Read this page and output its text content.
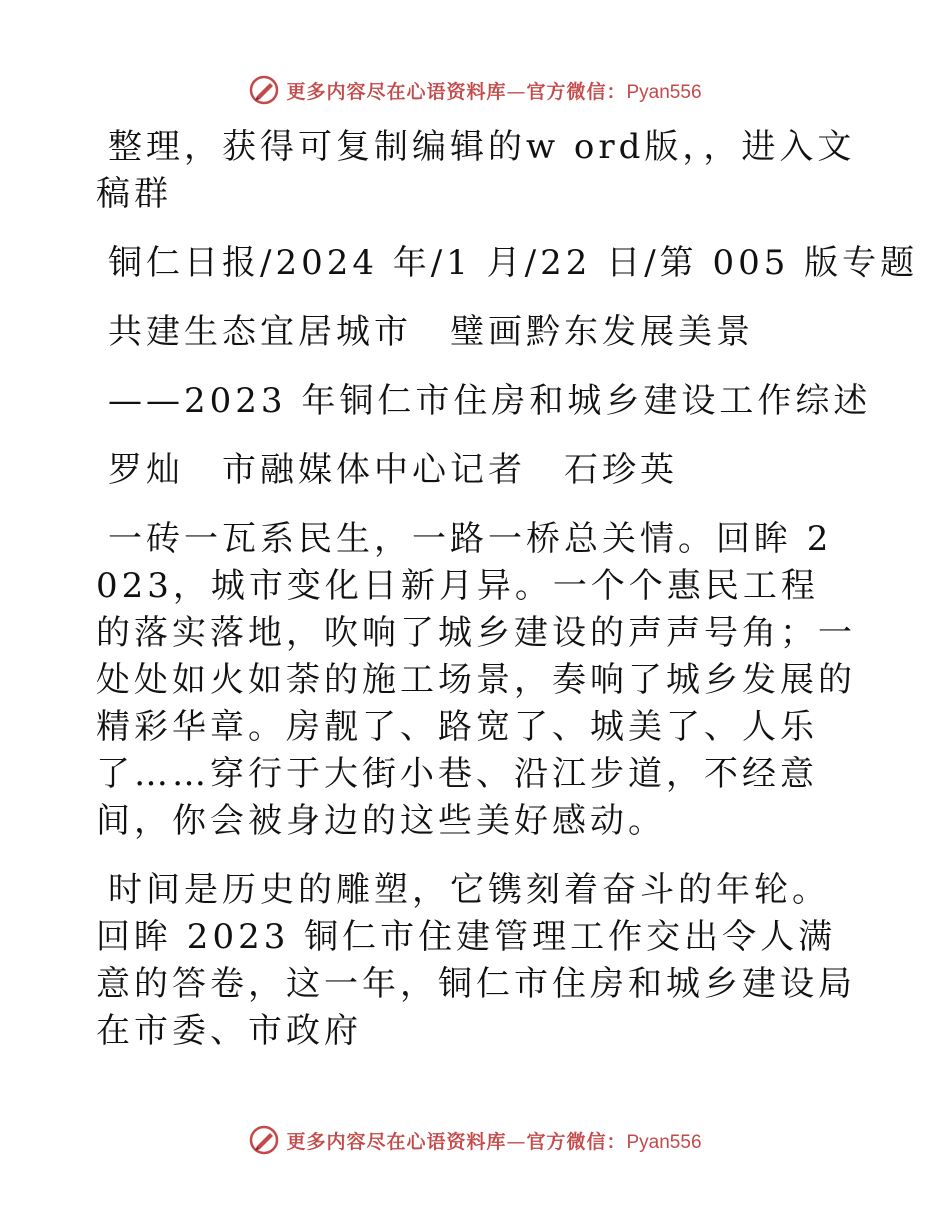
更多内容尽在心语资料库—官方微信：Pyan556

整理，获得可复制编辑的w ord版，，进入文稿群

铜仁日报/2024 年/1 月/22 日/第 005 版专题

共建生态宜居城市　璧画黔东发展美景

——2023 年铜仁市住房和城乡建设工作综述

罗灿　市融媒体中心记者　石珍英

一砖一瓦系民生，一路一桥总关情。回眸 2023，城市变化日新月异。一个个惠民工程的落实落地，吹响了城乡建设的声声号角；一处处如火如荼的施工场景，奏响了城乡发展的精彩华章。房靓了、路宽了、城美了、人乐了……穿行于大街小巷、沿江步道，不经意间，你会被身边的这些美好感动。

时间是历史的雕塑，它镌刻着奋斗的年轮。回眸 2023 铜仁市住建管理工作交出令人满意的答卷，这一年，铜仁市住房和城乡建设局在市委、市政府

更多内容尽在心语资料库—官方微信：Pyan556
